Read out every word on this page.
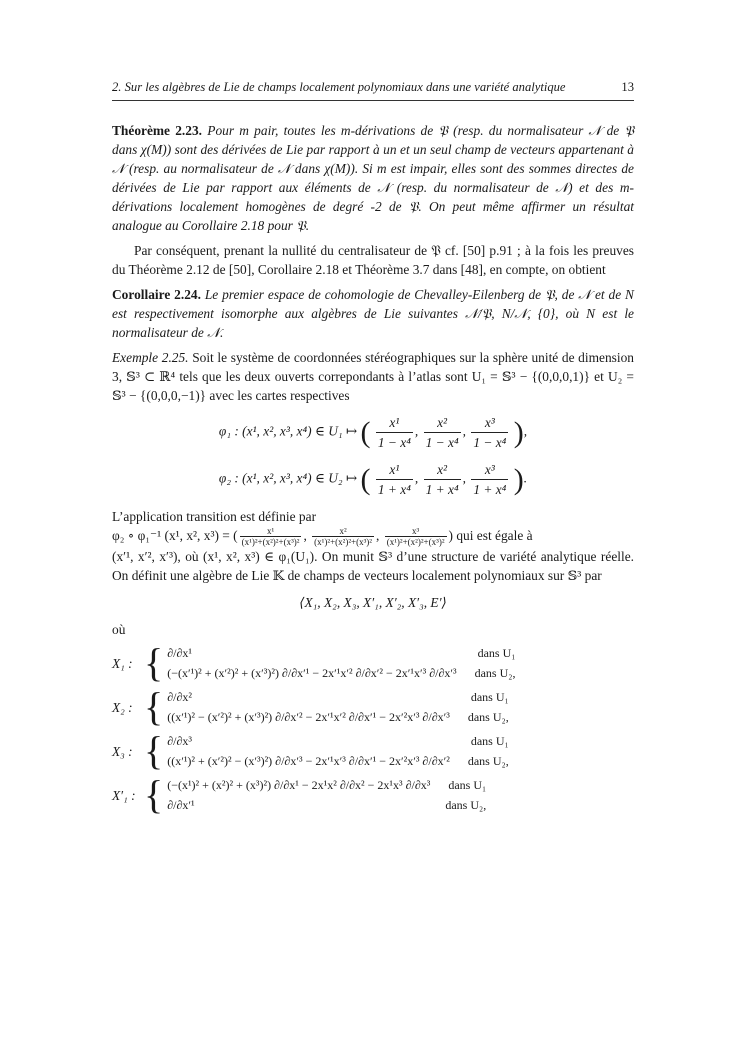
2. Sur les algèbres de Lie de champs localement polynomiaux dans une variété analytique	13

Théorème 2.23. Pour m pair, toutes les m-dérivations de 𝔓 (resp. du normalisateur 𝒩 de 𝔓 dans χ(M)) sont des dérivées de Lie par rapport à un et un seul champ de vecteurs appartenant à 𝒩 (resp. au normalisateur de 𝒩 dans χ(M)). Si m est impair, elles sont des sommes directes de dérivées de Lie par rapport aux éléments de 𝒩 (resp. du normalisateur de 𝒩) et des m-dérivations localement homogènes de degré -2 de 𝔓. On peut même affirmer un résultat analogue au Corollaire 2.18 pour 𝔓.

Par conséquent, prenant la nullité du centralisateur de 𝔓 cf. [50] p.91 ; à la fois les preuves du Théorème 2.12 de [50], Corollaire 2.18 et Théorème 3.7 dans [48], en compte, on obtient

Corollaire 2.24. Le premier espace de cohomologie de Chevalley-Eilenberg de 𝔓, de 𝒩 et de N est respectivement isomorphe aux algèbres de Lie suivantes 𝒩/𝔓, N/𝒩, {0}, où N est le normalisateur de 𝒩.

Exemple 2.25. Soit le système de coordonnées stéréographiques sur la sphère unité de dimension 3, 𝕊³ ⊂ ℝ⁴ tels que les deux ouverts correpondants à l’atlas sont U₁ = 𝕊³ − {(0,0,0,1)} et U₂ = 𝕊³ − {(0,0,0,−1)} avec les cartes respectives

φ₁ : (x¹, x², x³, x⁴) ∈ U₁ ↦ ( $\frac{\text{x¹}}{\text{1 − x⁴}}$ , $\frac{\text{x²}}{\text{1 − x⁴}}$ , $\frac{\text{x³}}{\text{1 − x⁴}}$ ),
φ₂ : (x¹, x², x³, x⁴) ∈ U₂ ↦ ( $\frac{\text{x¹}}{\text{1 + x⁴}}$ , $\frac{\text{x²}}{\text{1 + x⁴}}$ , $\frac{\text{x³}}{\text{1 + x⁴}}$ ).

L’application transition est définie par

φ₂ ∘ φ₁⁻¹ (x¹, x², x³) = ( $\frac{\text{x¹}}{\text{(x¹)²+(x²)²+(x³)²}}$ , $\frac{\text{x²}}{\text{(x¹)²+(x²)²+(x³)²}}$ , $\frac{\text{x³}}{\text{(x¹)²+(x²)²+(x³)²}}$ ) qui est égale à

(x′¹, x′², x′³), où (x¹, x², x³) ∈ φ₁(U₁). On munit 𝕊³ d’une structure de variété analytique réelle. On définit une algèbre de Lie 𝕂 de champs de vecteurs localement polynomiaux sur 𝕊³ par

⟨X₁, X₂, X₃, X′₁, X′₂, X′₃, E′⟩

où

X₁ : { ∂/∂x¹	dans U₁
(−(x′¹)² + (x′²)² + (x′³)²) ∂/∂x′¹ − 2x′¹x′² ∂/∂x′² − 2x′¹x′³ ∂/∂x′³	dans U₂,
X₂ : { ∂/∂x²	dans U₁
((x′¹)² − (x′²)² + (x′³)²) ∂/∂x′² − 2x′¹x′² ∂/∂x′¹ − 2x′²x′³ ∂/∂x′³	dans U₂,
X₃ : { ∂/∂x³	dans U₁
((x′¹)² + (x′²)² − (x′³)²) ∂/∂x′³ − 2x′¹x′³ ∂/∂x′¹ − 2x′²x′³ ∂/∂x′²	dans U₂,
X′₁ : { (−(x¹)² + (x²)² + (x³)²) ∂/∂x¹ − 2x¹x² ∂/∂x² − 2x¹x³ ∂/∂x³	dans U₁
∂/∂x′¹	dans U₂,
